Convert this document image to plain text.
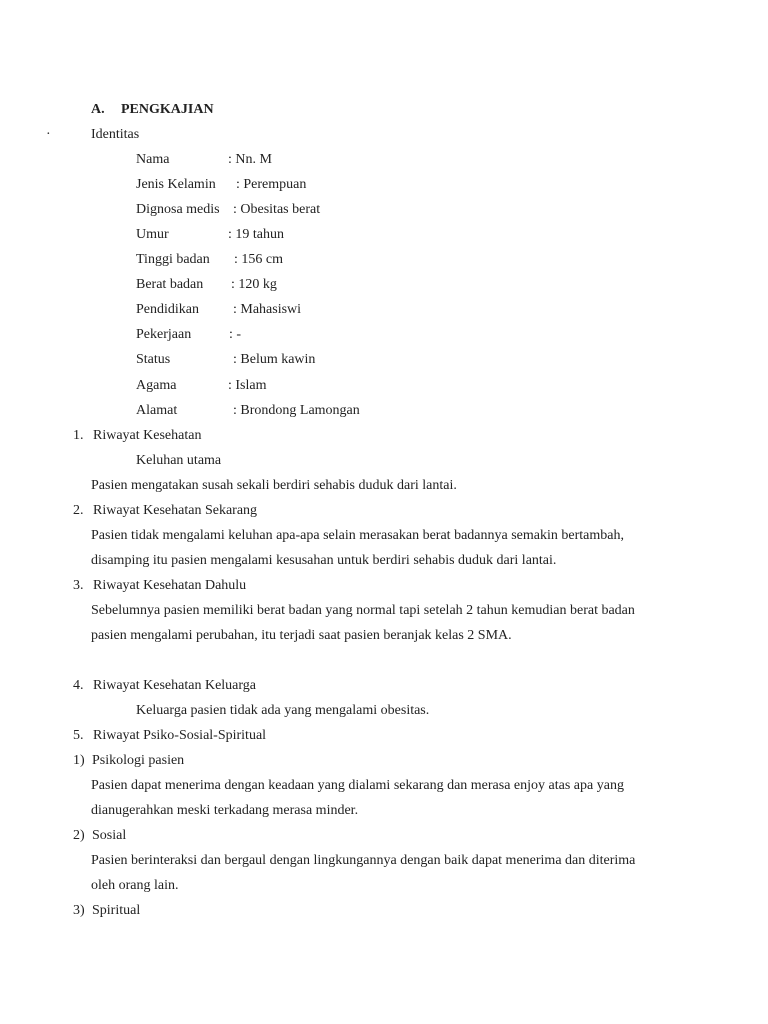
A. PENGKAJIAN
·	Identitas
Nama	: Nn. M
Jenis Kelamin : Perempuan
Dignosa medis : Obesitas berat
Umur	: 19 tahun
Tinggi badan : 156 cm
Berat badan : 120 kg
Pendidikan : Mahasiswi
Pekerjaan	: -
Status	: Belum kawin
Agama	: Islam
Alamat	: Brondong Lamongan
1. Riwayat Kesehatan
Keluhan utama
Pasien mengatakan susah sekali berdiri sehabis duduk dari lantai.
2. Riwayat Kesehatan Sekarang
Pasien tidak mengalami keluhan apa-apa selain merasakan berat badannya semakin bertambah,
disamping itu pasien mengalami kesusahan untuk berdiri sehabis duduk dari lantai.
3. Riwayat Kesehatan Dahulu
Sebelumnya pasien memiliki berat badan yang normal tapi setelah 2 tahun kemudian berat badan
pasien mengalami perubahan, itu terjadi saat pasien beranjak kelas 2 SMA.
4. Riwayat Kesehatan Keluarga
Keluarga pasien tidak ada yang mengalami obesitas.
5. Riwayat Psiko-Sosial-Spiritual
1) Psikologi pasien
Pasien dapat menerima dengan keadaan yang dialami sekarang dan merasa enjoy atas apa yang
dianugerahkan meski terkadang merasa minder.
2) Sosial
Pasien berinteraksi dan bergaul dengan lingkungannya dengan baik dapat menerima dan diterima
oleh orang lain.
3) Spiritual
